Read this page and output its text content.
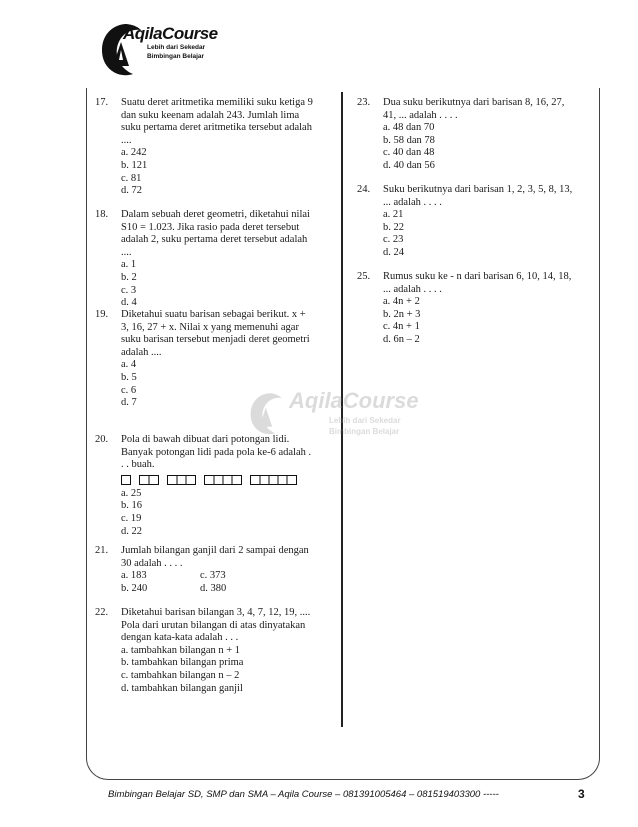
AqilaCourse
Lebih dari Sekedar
Bimbingan Belajar
AqilaCourse
Lebih dari Sekedar
Bimbingan Belajar
17. Suatu deret aritmetika memiliki suku ketiga 9
dan suku keenam adalah 243. Jumlah lima
suku pertama deret aritmetika tersebut adalah
....
a. 242
b. 121
c. 81
d. 72
18. Dalam sebuah deret geometri, diketahui nilai
S10 = 1.023. Jika rasio pada deret tersebut
adalah 2, suku pertama deret tersebut adalah
....
a. 1
b. 2
c. 3
d. 4
19. Diketahui suatu barisan sebagai berikut. x +
3, 16, 27 + x. Nilai x yang memenuhi agar
suku barisan tersebut menjadi deret geometri
adalah ....
a. 4
b. 5
c. 6
d. 7
20. Pola di bawah dibuat dari potongan lidi.
Banyak potongan lidi pada pola ke-6 adalah .
. . buah.
a. 25
b. 16
c. 19
d. 22
21. Jumlah bilangan ganjil dari 2 sampai dengan
30 adalah . . . .
a. 183	c. 373
b. 240	d. 380
22. Diketahui barisan bilangan 3, 4, 7, 12, 19, ....
Pola dari urutan bilangan di atas dinyatakan
dengan kata-kata adalah . . .
a. tambahkan bilangan n + 1
b. tambahkan bilangan prima
c. tambahkan bilangan n – 2
d. tambahkan bilangan ganjil
23. Dua suku berikutnya dari barisan 8, 16, 27,
41, ... adalah . . . .
a. 48 dan 70
b. 58 dan 78
c. 40 dan 48
d. 40 dan 56
24. Suku berikutnya dari barisan 1, 2, 3, 5, 8, 13,
... adalah . . . .
a. 21
b. 22
c. 23
d. 24
25. Rumus suku ke - n dari barisan 6, 10, 14, 18,
... adalah . . . .
a. 4n + 2
b. 2n + 3
c. 4n + 1
d. 6n – 2
Bimbingan Belajar SD, SMP dan SMA – Aqila Course – 081391005464 – 081519403300 -----	3
